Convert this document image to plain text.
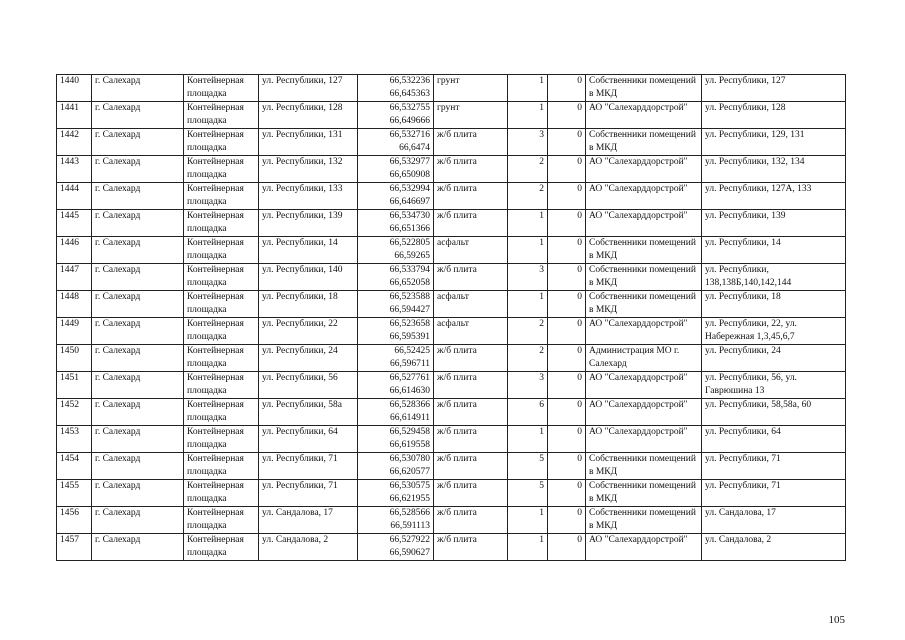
1440	г. Салехард	Контейнерная площадка	ул. Республики, 127	66,532236
66,645363	грунт	1	0	Собственники помещений в МКД	ул. Республики, 127
1441	г. Салехард	Контейнерная площадка	ул. Республики, 128	66,532755
66,649666	грунт	1	0	АО "Салехарддорстрой"	ул. Республики, 128
1442	г. Салехард	Контейнерная площадка	ул. Республики, 131	66,532716
66,6474	ж/б плита	3	0	Собственники помещений в МКД	ул. Республики, 129, 131
1443	г. Салехард	Контейнерная площадка	ул. Республики, 132	66,532977
66,650908	ж/б плита	2	0	АО "Салехарддорстрой"	ул. Республики, 132, 134
1444	г. Салехард	Контейнерная площадка	ул. Республики, 133	66,532994
66,646697	ж/б плита	2	0	АО "Салехарддорстрой"	ул. Республики, 127А, 133
1445	г. Салехард	Контейнерная площадка	ул. Республики, 139	66,534730
66,651366	ж/б плита	1	0	АО "Салехарддорстрой"	ул. Республики, 139
1446	г. Салехард	Контейнерная площадка	ул. Республики, 14	66,522805
66,59265	асфальт	1	0	Собственники помещений в МКД	ул. Республики, 14
1447	г. Салехард	Контейнерная площадка	ул. Республики, 140	66,533794
66,652058	ж/б плита	3	0	Собственники помещений в МКД	ул. Республики, 138,138Б,140,142,144
1448	г. Салехард	Контейнерная площадка	ул. Республики, 18	66,523588
66,594427	асфальт	1	0	Собственники помещений в МКД	ул. Республики, 18
1449	г. Салехард	Контейнерная площадка	ул. Республики, 22	66,523658
66,595391	асфальт	2	0	АО "Салехарддорстрой"	ул. Республики, 22, ул. Набережная 1,3,45,6,7
1450	г. Салехард	Контейнерная площадка	ул. Республики, 24	66,52425
66,596711	ж/б плита	2	0	Администрация МО г. Салехард	ул. Республики, 24
1451	г. Салехард	Контейнерная площадка	ул. Республики, 56	66,527761
66,614630	ж/б плита	3	0	АО "Салехарддорстрой"	ул. Республики, 56, ул. Гаврюшина 13
1452	г. Салехард	Контейнерная площадка	ул. Республики, 58а	66,528366
66,614911	ж/б плита	6	0	АО "Салехарддорстрой"	ул. Республики, 58,58а, 60
1453	г. Салехард	Контейнерная площадка	ул. Республики, 64	66,529458
66,619558	ж/б плита	1	0	АО "Салехарддорстрой"	ул. Республики, 64
1454	г. Салехард	Контейнерная площадка	ул. Республики, 71	66,530780
66,620577	ж/б плита	5	0	Собственники помещений в МКД	ул. Республики, 71
1455	г. Салехард	Контейнерная площадка	ул. Республики, 71	66,530575
66,621955	ж/б плита	5	0	Собственники помещений в МКД	ул. Республики, 71
1456	г. Салехард	Контейнерная площадка	ул. Сандалова, 17	66,528566
66,591113	ж/б плита	1	0	Собственники помещений в МКД	ул. Сандалова, 17
1457	г. Салехард	Контейнерная площадка	ул. Сандалова, 2	66,527922
66,590627	ж/б плита	1	0	АО "Салехарддорстрой"	ул. Сандалова, 2
105
